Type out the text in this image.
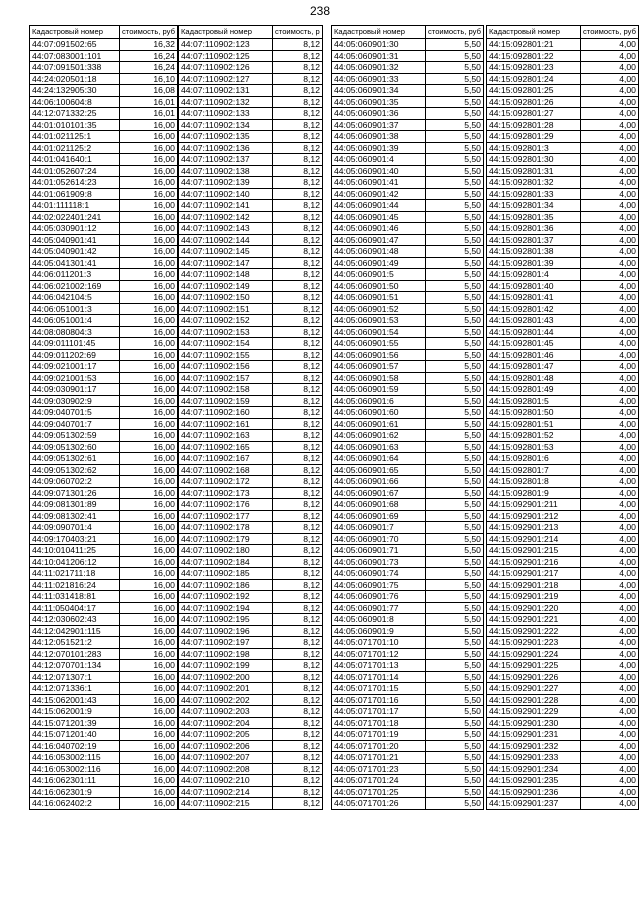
238
Кадастровый номер	стоимость, руб
44:07:091502:65	16,32
44:07:083001:101	16,24
44:07:091501:338	16,24
44:24:020501:18	16,10
44:24:132905:30	16,08
44:06:100604:8	16,01
44:12:071332:25	16,01
44:01:010101:35	16,00
44:01:021125:1	16,00
44:01:021125:2	16,00
44:01:041640:1	16,00
44:01:052607:24	16,00
44:01:052614:23	16,00
44:01:061909:8	16,00
44:01:111118:1	16,00
44:02:022401:241	16,00
44:05:030901:12	16,00
44:05:040901:41	16,00
44:05:040901:42	16,00
44:05:041301:41	16,00
44:06:011201:3	16,00
44:06:021002:169	16,00
44:06:042104:5	16,00
44:06:051001:3	16,00
44:06:051001:4	16,00
44:08:080804:3	16,00
44:09:011101:45	16,00
44:09:011202:69	16,00
44:09:021001:17	16,00
44:09:021001:53	16,00
44:09:030901:17	16,00
44:09:030902:9	16,00
44:09:040701:5	16,00
44:09:040701:7	16,00
44:09:051302:59	16,00
44:09:051302:60	16,00
44:09:051302:61	16,00
44:09:051302:62	16,00
44:09:060702:2	16,00
44:09:071301:26	16,00
44:09:081301:89	16,00
44:09:081302:41	16,00
44:09:090701:4	16,00
44:09:170403:21	16,00
44:10:010411:25	16,00
44:10:041206:12	16,00
44:11:021711:18	16,00
44:11:021816:24	16,00
44:11:031418:81	16,00
44:11:050404:17	16,00
44:12:030602:43	16,00
44:12:042901:115	16,00
44:12:051521:2	16,00
44:12:070101:283	16,00
44:12:070701:134	16,00
44:12:071307:1	16,00
44:12:071336:1	16,00
44:15:062001:43	16,00
44:15:062001:9	16,00
44:15:071201:39	16,00
44:15:071201:40	16,00
44:16:040702:19	16,00
44:16:053002:115	16,00
44:16:053002:116	16,00
44:16:062301:11	16,00
44:16:062301:9	16,00
44:16:062402:2	16,00
Кадастровый номер	стоимость, р
44:07:110902:123	8,12
44:07:110902:125	8,12
44:07:110902:126	8,12
44:07:110902:127	8,12
44:07:110902:131	8,12
44:07:110902:132	8,12
44:07:110902:133	8,12
44:07:110902:134	8,12
44:07:110902:135	8,12
44:07:110902:136	8,12
44:07:110902:137	8,12
44:07:110902:138	8,12
44:07:110902:139	8,12
44:07:110902:140	8,12
44:07:110902:141	8,12
44:07:110902:142	8,12
44:07:110902:143	8,12
44:07:110902:144	8,12
44:07:110902:145	8,12
44:07:110902:147	8,12
44:07:110902:148	8,12
44:07:110902:149	8,12
44:07:110902:150	8,12
44:07:110902:151	8,12
44:07:110902:152	8,12
44:07:110902:153	8,12
44:07:110902:154	8,12
44:07:110902:155	8,12
44:07:110902:156	8,12
44:07:110902:157	8,12
44:07:110902:158	8,12
44:07:110902:159	8,12
44:07:110902:160	8,12
44:07:110902:161	8,12
44:07:110902:163	8,12
44:07:110902:165	8,12
44:07:110902:167	8,12
44:07:110902:168	8,12
44:07:110902:172	8,12
44:07:110902:173	8,12
44:07:110902:176	8,12
44:07:110902:177	8,12
44:07:110902:178	8,12
44:07:110902:179	8,12
44:07:110902:180	8,12
44:07:110902:184	8,12
44:07:110902:185	8,12
44:07:110902:186	8,12
44:07:110902:192	8,12
44:07:110902:194	8,12
44:07:110902:195	8,12
44:07:110902:196	8,12
44:07:110902:197	8,12
44:07:110902:198	8,12
44:07:110902:199	8,12
44:07:110902:200	8,12
44:07:110902:201	8,12
44:07:110902:202	8,12
44:07:110902:203	8,12
44:07:110902:204	8,12
44:07:110902:205	8,12
44:07:110902:206	8,12
44:07:110902:207	8,12
44:07:110902:208	8,12
44:07:110902:210	8,12
44:07:110902:214	8,12
44:07:110902:215	8,12
Кадастровый номер	стоимость, руб
44:05:060901:30	5,50
44:05:060901:31	5,50
44:05:060901:32	5,50
44:05:060901:33	5,50
44:05:060901:34	5,50
44:05:060901:35	5,50
44:05:060901:36	5,50
44:05:060901:37	5,50
44:05:060901:38	5,50
44:05:060901:39	5,50
44:05:060901:4	5,50
44:05:060901:40	5,50
44:05:060901:41	5,50
44:05:060901:42	5,50
44:05:060901:44	5,50
44:05:060901:45	5,50
44:05:060901:46	5,50
44:05:060901:47	5,50
44:05:060901:48	5,50
44:05:060901:49	5,50
44:05:060901:5	5,50
44:05:060901:50	5,50
44:05:060901:51	5,50
44:05:060901:52	5,50
44:05:060901:53	5,50
44:05:060901:54	5,50
44:05:060901:55	5,50
44:05:060901:56	5,50
44:05:060901:57	5,50
44:05:060901:58	5,50
44:05:060901:59	5,50
44:05:060901:6	5,50
44:05:060901:60	5,50
44:05:060901:61	5,50
44:05:060901:62	5,50
44:05:060901:63	5,50
44:05:060901:64	5,50
44:05:060901:65	5,50
44:05:060901:66	5,50
44:05:060901:67	5,50
44:05:060901:68	5,50
44:05:060901:69	5,50
44:05:060901:7	5,50
44:05:060901:70	5,50
44:05:060901:71	5,50
44:05:060901:73	5,50
44:05:060901:74	5,50
44:05:060901:75	5,50
44:05:060901:76	5,50
44:05:060901:77	5,50
44:05:060901:8	5,50
44:05:060901:9	5,50
44:05:071701:10	5,50
44:05:071701:12	5,50
44:05:071701:13	5,50
44:05:071701:14	5,50
44:05:071701:15	5,50
44:05:071701:16	5,50
44:05:071701:17	5,50
44:05:071701:18	5,50
44:05:071701:19	5,50
44:05:071701:20	5,50
44:05:071701:21	5,50
44:05:071701:23	5,50
44:05:071701:24	5,50
44:05:071701:25	5,50
44:05:071701:26	5,50
Кадастровый номер	стоимость, руб
44:15:092801:21	4,00
44:15:092801:22	4,00
44:15:092801:23	4,00
44:15:092801:24	4,00
44:15:092801:25	4,00
44:15:092801:26	4,00
44:15:092801:27	4,00
44:15:092801:28	4,00
44:15:092801:29	4,00
44:15:092801:3	4,00
44:15:092801:30	4,00
44:15:092801:31	4,00
44:15:092801:32	4,00
44:15:092801:33	4,00
44:15:092801:34	4,00
44:15:092801:35	4,00
44:15:092801:36	4,00
44:15:092801:37	4,00
44:15:092801:38	4,00
44:15:092801:39	4,00
44:15:092801:4	4,00
44:15:092801:40	4,00
44:15:092801:41	4,00
44:15:092801:42	4,00
44:15:092801:43	4,00
44:15:092801:44	4,00
44:15:092801:45	4,00
44:15:092801:46	4,00
44:15:092801:47	4,00
44:15:092801:48	4,00
44:15:092801:49	4,00
44:15:092801:5	4,00
44:15:092801:50	4,00
44:15:092801:51	4,00
44:15:092801:52	4,00
44:15:092801:53	4,00
44:15:092801:6	4,00
44:15:092801:7	4,00
44:15:092801:8	4,00
44:15:092801:9	4,00
44:15:092901:211	4,00
44:15:092901:212	4,00
44:15:092901:213	4,00
44:15:092901:214	4,00
44:15:092901:215	4,00
44:15:092901:216	4,00
44:15:092901:217	4,00
44:15:092901:218	4,00
44:15:092901:219	4,00
44:15:092901:220	4,00
44:15:092901:221	4,00
44:15:092901:222	4,00
44:15:092901:223	4,00
44:15:092901:224	4,00
44:15:092901:225	4,00
44:15:092901:226	4,00
44:15:092901:227	4,00
44:15:092901:228	4,00
44:15:092901:229	4,00
44:15:092901:230	4,00
44:15:092901:231	4,00
44:15:092901:232	4,00
44:15:092901:233	4,00
44:15:092901:234	4,00
44:15:092901:235	4,00
44:15:092901:236	4,00
44:15:092901:237	4,00
